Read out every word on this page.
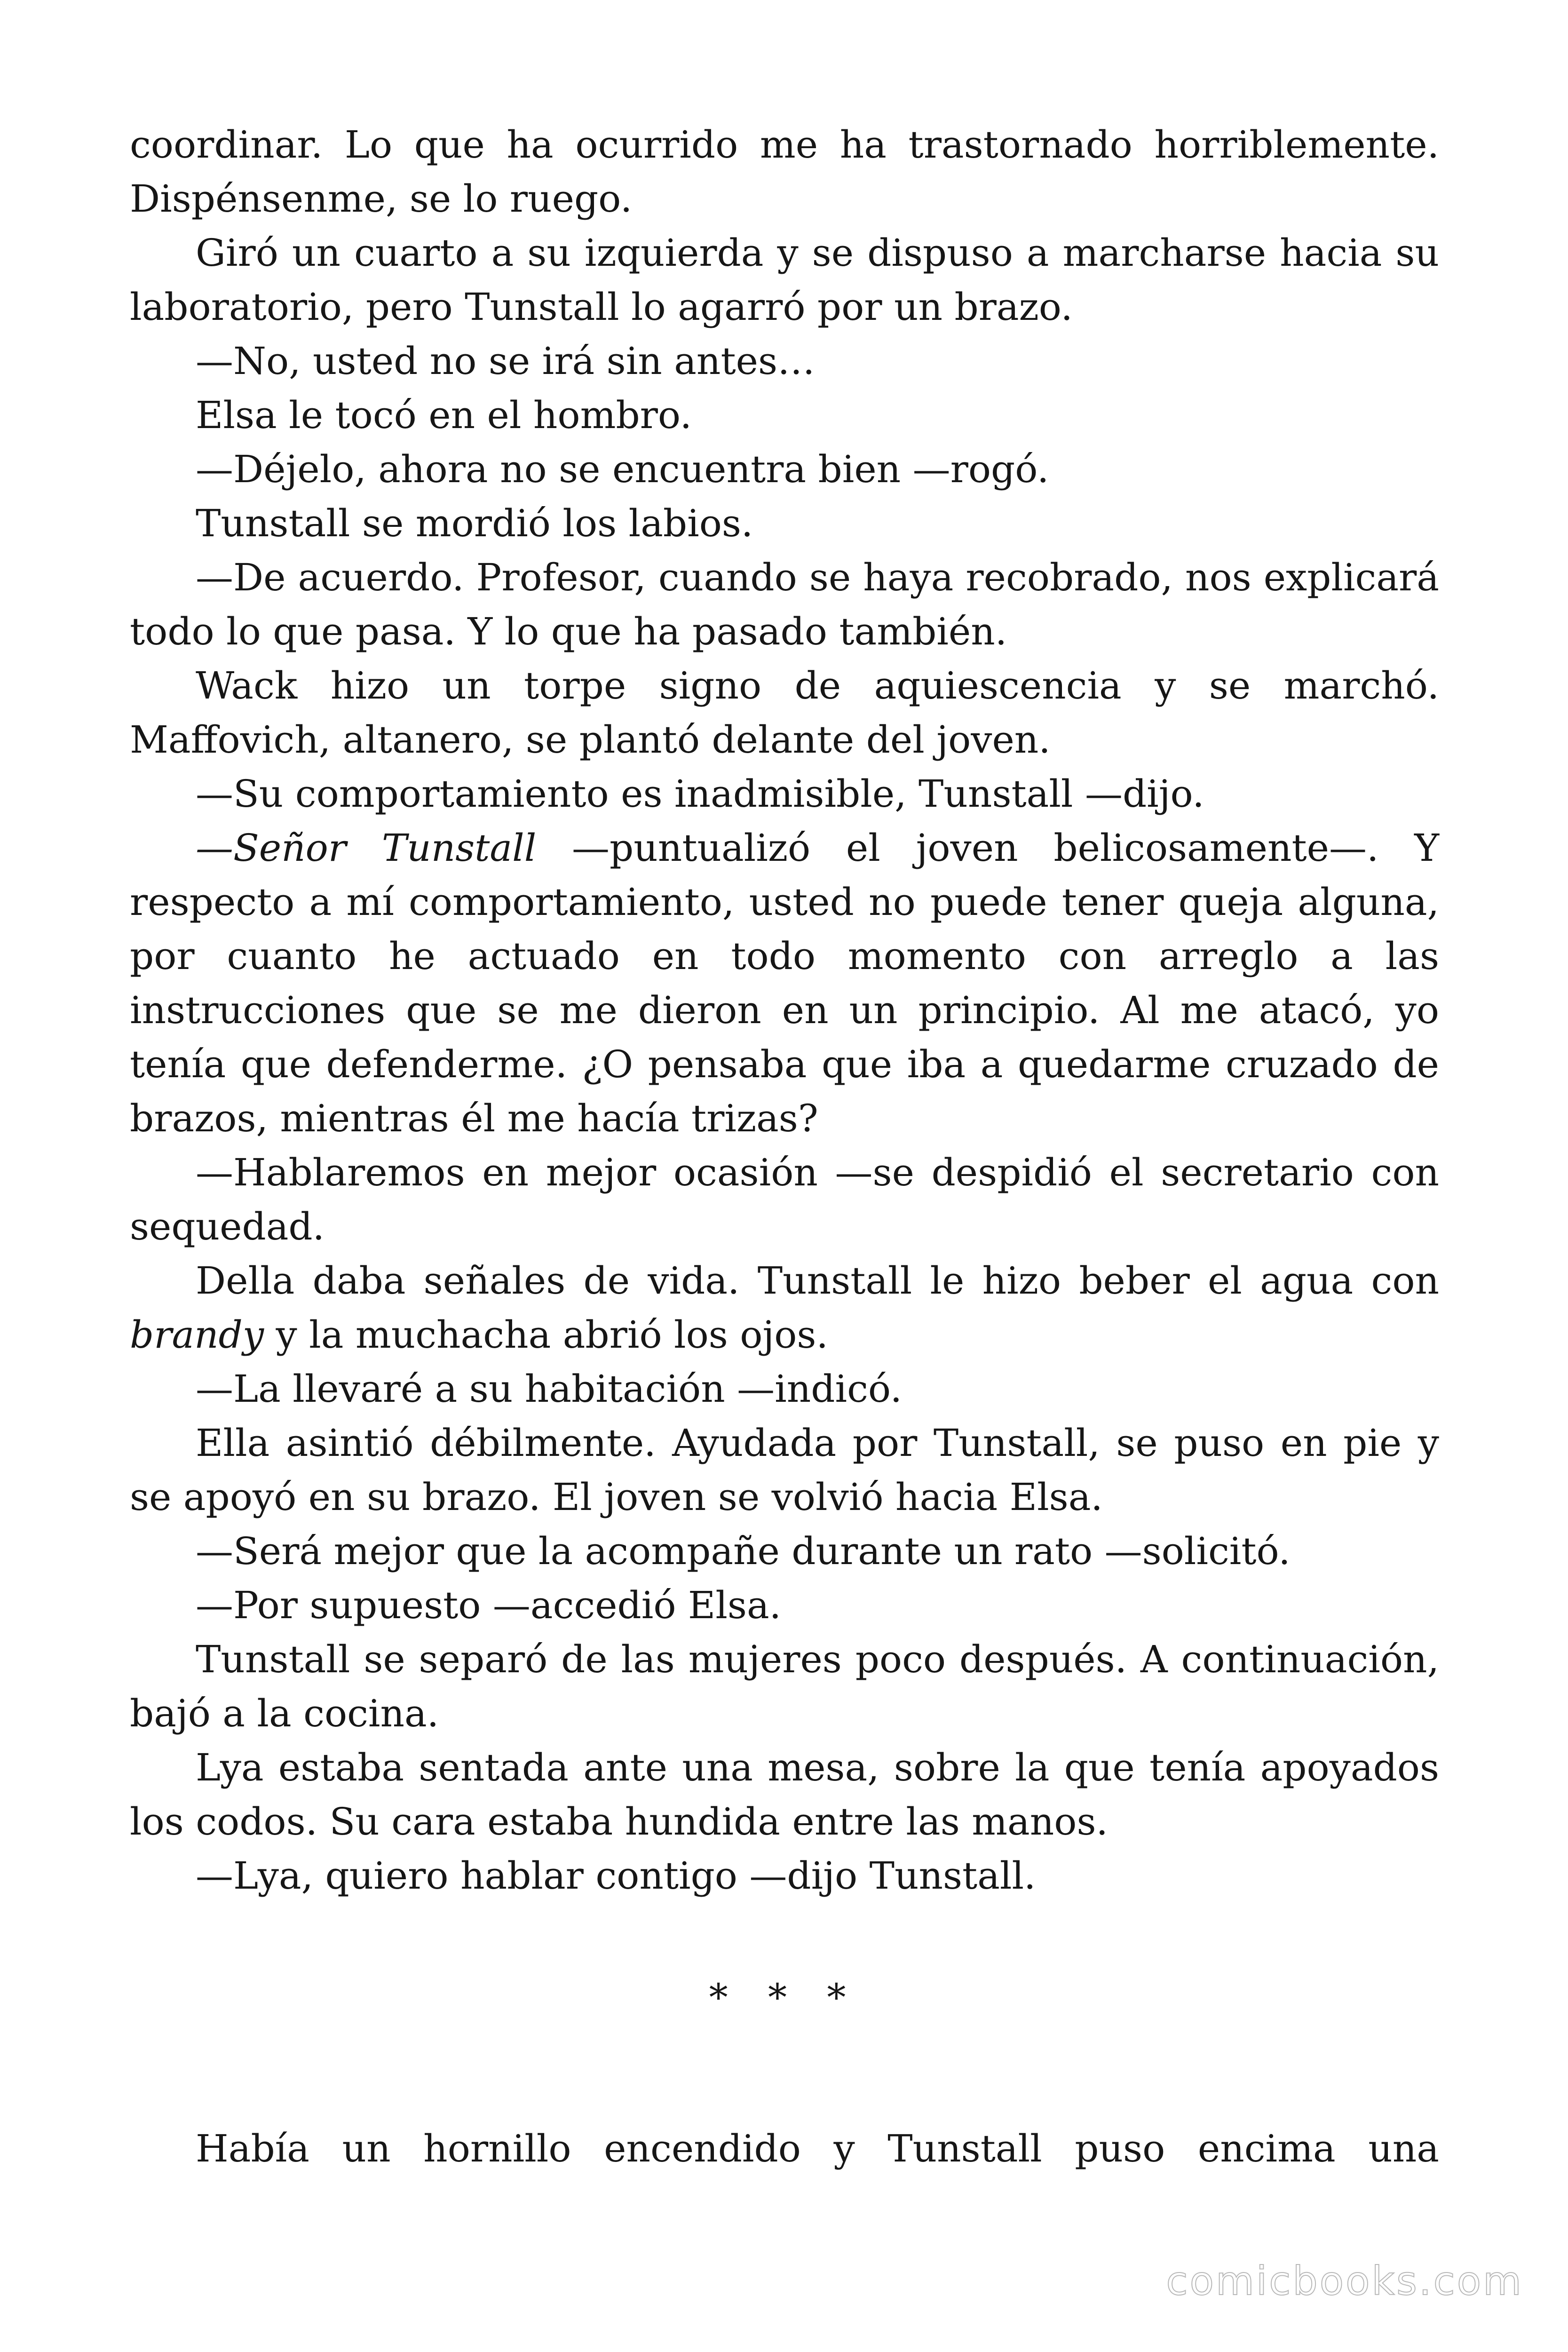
coordinar. Lo que ha ocurrido me ha trastornado horriblemente. Dispénsenme, se lo ruego.

Giró un cuarto a su izquierda y se dispuso a marcharse hacia su laboratorio, pero Tunstall lo agarró por un brazo.

—No, usted no se irá sin antes…

Elsa le tocó en el hombro.

—Déjelo, ahora no se encuentra bien —rogó.

Tunstall se mordió los labios.

—De acuerdo. Profesor, cuando se haya recobrado, nos explicará todo lo que pasa. Y lo que ha pasado también.

Wack hizo un torpe signo de aquiescencia y se marchó. Maffovich, altanero, se plantó delante del joven.

—Su comportamiento es inadmisible, Tunstall —dijo.

—Señor Tunstall —puntualizó el joven belicosamente—. Y respecto a mí comportamiento, usted no puede tener queja alguna, por cuanto he actuado en todo momento con arreglo a las instrucciones que se me dieron en un principio. Al me atacó, yo tenía que defenderme. ¿O pensaba que iba a quedarme cruzado de brazos, mientras él me hacía trizas?

—Hablaremos en mejor ocasión —se despidió el secretario con sequedad.

Della daba señales de vida. Tunstall le hizo beber el agua con brandy y la muchacha abrió los ojos.

—La llevaré a su habitación —indicó.

Ella asintió débilmente. Ayudada por Tunstall, se puso en pie y se apoyó en su brazo. El joven se volvió hacia Elsa.

—Será mejor que la acompañe durante un rato —solicitó.

—Por supuesto —accedió Elsa.

Tunstall se separó de las mujeres poco después. A continuación, bajó a la cocina.

Lya estaba sentada ante una mesa, sobre la que tenía apoyados los codos. Su cara estaba hundida entre las manos.

—Lya, quiero hablar contigo —dijo Tunstall.

* * *

Había un hornillo encendido y Tunstall puso encima una

comicbooks.com
